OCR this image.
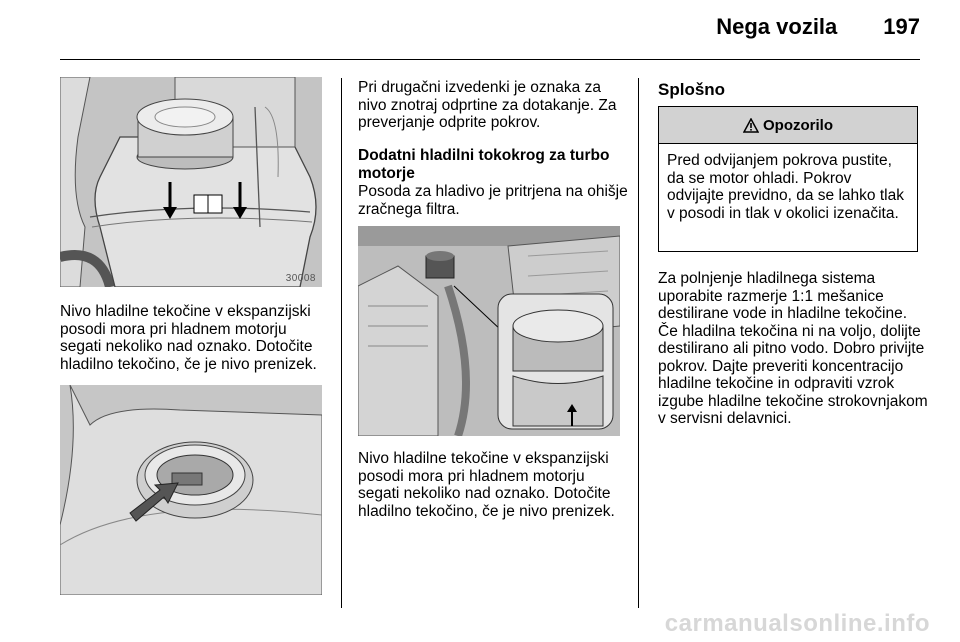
Nega vozila 197
30008
Nivo hladilne tekočine v ekspanzijski posodi mora pri hladnem motorju segati nekoliko nad oznako. Dotočite hladilno tekočino, če je nivo prenizek.
Pri drugačni izvedenki je oznaka za nivo znotraj odprtine za dotakanje. Za preverjanje odprite pokrov.
Dodatni hladilni tokokrog za turbo motorje
Posoda za hladivo je pritrjena na ohišje zračnega filtra.
Nivo hladilne tekočine v ekspanzijski posodi mora pri hladnem motorju segati nekoliko nad oznako. Dotočite hladilno tekočino, če je nivo prenizek.
Splošno
Opozorilo
Pred odvijanjem pokrova pustite, da se motor ohladi. Pokrov odvijajte previdno, da se lahko tlak v posodi in tlak v okolici izenačita.
Za polnjenje hladilnega sistema uporabite razmerje 1:1 mešanice destilirane vode in hladilne tekočine. Če hladilna tekočina ni na voljo, dolijte destilirano ali pitno vodo. Dobro privijte pokrov. Dajte preveriti koncentracijo hladilne tekočine in odpraviti vzrok izgube hladilne tekočine strokovnjakom v servisni delavnici.
carmanualsonline.info
